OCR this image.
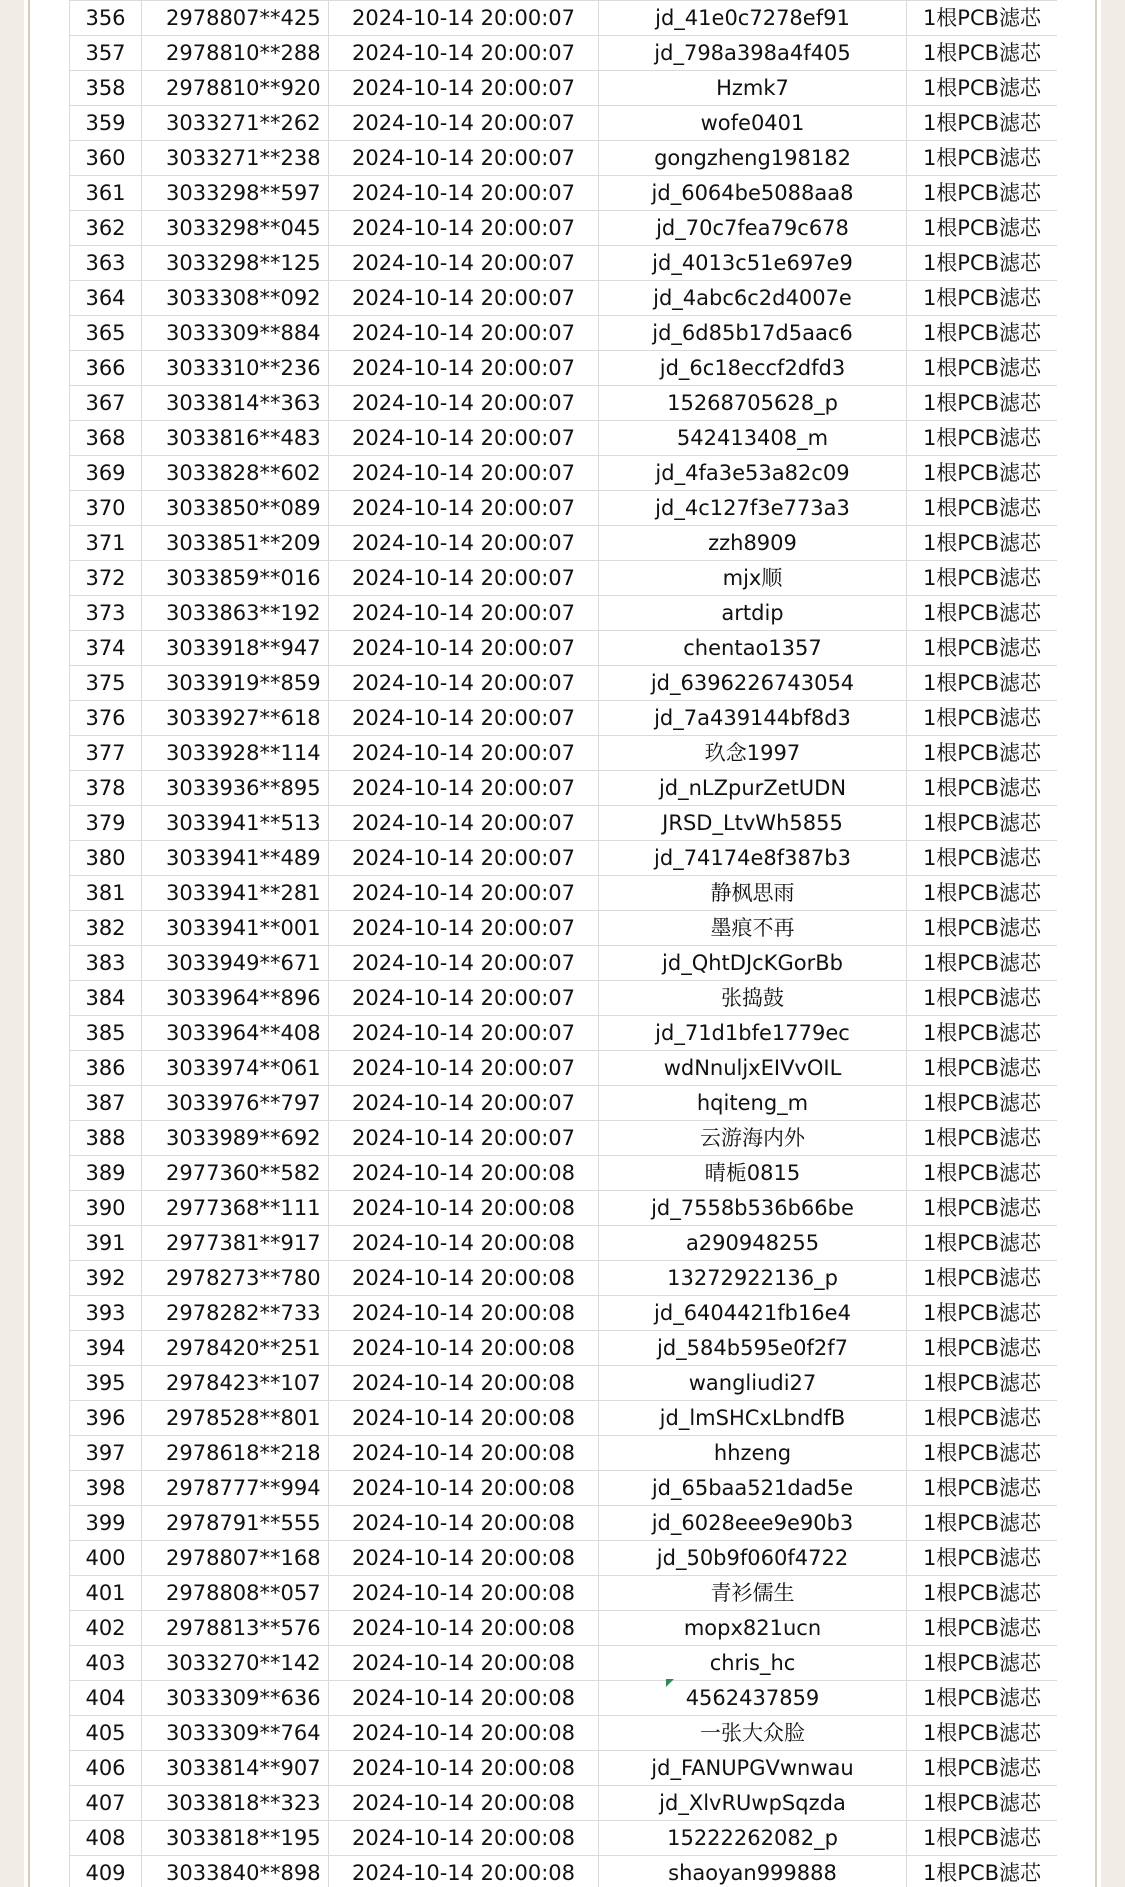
356	2978807**425	2024-10-14 20:00:07	jd_41e0c7278ef91	1根PCB滤芯
357	2978810**288	2024-10-14 20:00:07	jd_798a398a4f405	1根PCB滤芯
358	2978810**920	2024-10-14 20:00:07	Hzmk7	1根PCB滤芯
359	3033271**262	2024-10-14 20:00:07	wofe0401	1根PCB滤芯
360	3033271**238	2024-10-14 20:00:07	gongzheng198182	1根PCB滤芯
361	3033298**597	2024-10-14 20:00:07	jd_6064be5088aa8	1根PCB滤芯
362	3033298**045	2024-10-14 20:00:07	jd_70c7fea79c678	1根PCB滤芯
363	3033298**125	2024-10-14 20:00:07	jd_4013c51e697e9	1根PCB滤芯
364	3033308**092	2024-10-14 20:00:07	jd_4abc6c2d4007e	1根PCB滤芯
365	3033309**884	2024-10-14 20:00:07	jd_6d85b17d5aac6	1根PCB滤芯
366	3033310**236	2024-10-14 20:00:07	jd_6c18eccf2dfd3	1根PCB滤芯
367	3033814**363	2024-10-14 20:00:07	15268705628_p	1根PCB滤芯
368	3033816**483	2024-10-14 20:00:07	542413408_m	1根PCB滤芯
369	3033828**602	2024-10-14 20:00:07	jd_4fa3e53a82c09	1根PCB滤芯
370	3033850**089	2024-10-14 20:00:07	jd_4c127f3e773a3	1根PCB滤芯
371	3033851**209	2024-10-14 20:00:07	zzh8909	1根PCB滤芯
372	3033859**016	2024-10-14 20:00:07	mjx顺	1根PCB滤芯
373	3033863**192	2024-10-14 20:00:07	artdip	1根PCB滤芯
374	3033918**947	2024-10-14 20:00:07	chentao1357	1根PCB滤芯
375	3033919**859	2024-10-14 20:00:07	jd_6396226743054	1根PCB滤芯
376	3033927**618	2024-10-14 20:00:07	jd_7a439144bf8d3	1根PCB滤芯
377	3033928**114	2024-10-14 20:00:07	玖念1997	1根PCB滤芯
378	3033936**895	2024-10-14 20:00:07	jd_nLZpurZetUDN	1根PCB滤芯
379	3033941**513	2024-10-14 20:00:07	JRSD_LtvWh5855	1根PCB滤芯
380	3033941**489	2024-10-14 20:00:07	jd_74174e8f387b3	1根PCB滤芯
381	3033941**281	2024-10-14 20:00:07	静枫思雨	1根PCB滤芯
382	3033941**001	2024-10-14 20:00:07	墨痕不再	1根PCB滤芯
383	3033949**671	2024-10-14 20:00:07	jd_QhtDJcKGorBb	1根PCB滤芯
384	3033964**896	2024-10-14 20:00:07	张捣鼓	1根PCB滤芯
385	3033964**408	2024-10-14 20:00:07	jd_71d1bfe1779ec	1根PCB滤芯
386	3033974**061	2024-10-14 20:00:07	wdNnuljxEIVvOIL	1根PCB滤芯
387	3033976**797	2024-10-14 20:00:07	hqiteng_m	1根PCB滤芯
388	3033989**692	2024-10-14 20:00:07	云游海内外	1根PCB滤芯
389	2977360**582	2024-10-14 20:00:08	晴栀0815	1根PCB滤芯
390	2977368**111	2024-10-14 20:00:08	jd_7558b536b66be	1根PCB滤芯
391	2977381**917	2024-10-14 20:00:08	a290948255	1根PCB滤芯
392	2978273**780	2024-10-14 20:00:08	13272922136_p	1根PCB滤芯
393	2978282**733	2024-10-14 20:00:08	jd_6404421fb16e4	1根PCB滤芯
394	2978420**251	2024-10-14 20:00:08	jd_584b595e0f2f7	1根PCB滤芯
395	2978423**107	2024-10-14 20:00:08	wangliudi27	1根PCB滤芯
396	2978528**801	2024-10-14 20:00:08	jd_lmSHCxLbndfB	1根PCB滤芯
397	2978618**218	2024-10-14 20:00:08	hhzeng	1根PCB滤芯
398	2978777**994	2024-10-14 20:00:08	jd_65baa521dad5e	1根PCB滤芯
399	2978791**555	2024-10-14 20:00:08	jd_6028eee9e90b3	1根PCB滤芯
400	2978807**168	2024-10-14 20:00:08	jd_50b9f060f4722	1根PCB滤芯
401	2978808**057	2024-10-14 20:00:08	青衫儒生	1根PCB滤芯
402	2978813**576	2024-10-14 20:00:08	mopx821ucn	1根PCB滤芯
403	3033270**142	2024-10-14 20:00:08	chris_hc	1根PCB滤芯
404	3033309**636	2024-10-14 20:00:08	4562437859	1根PCB滤芯
405	3033309**764	2024-10-14 20:00:08	一张大众脸	1根PCB滤芯
406	3033814**907	2024-10-14 20:00:08	jd_FANUPGVwnwau	1根PCB滤芯
407	3033818**323	2024-10-14 20:00:08	jd_XlvRUwpSqzda	1根PCB滤芯
408	3033818**195	2024-10-14 20:00:08	15222262082_p	1根PCB滤芯
409	3033840**898	2024-10-14 20:00:08	shaoyan999888	1根PCB滤芯
